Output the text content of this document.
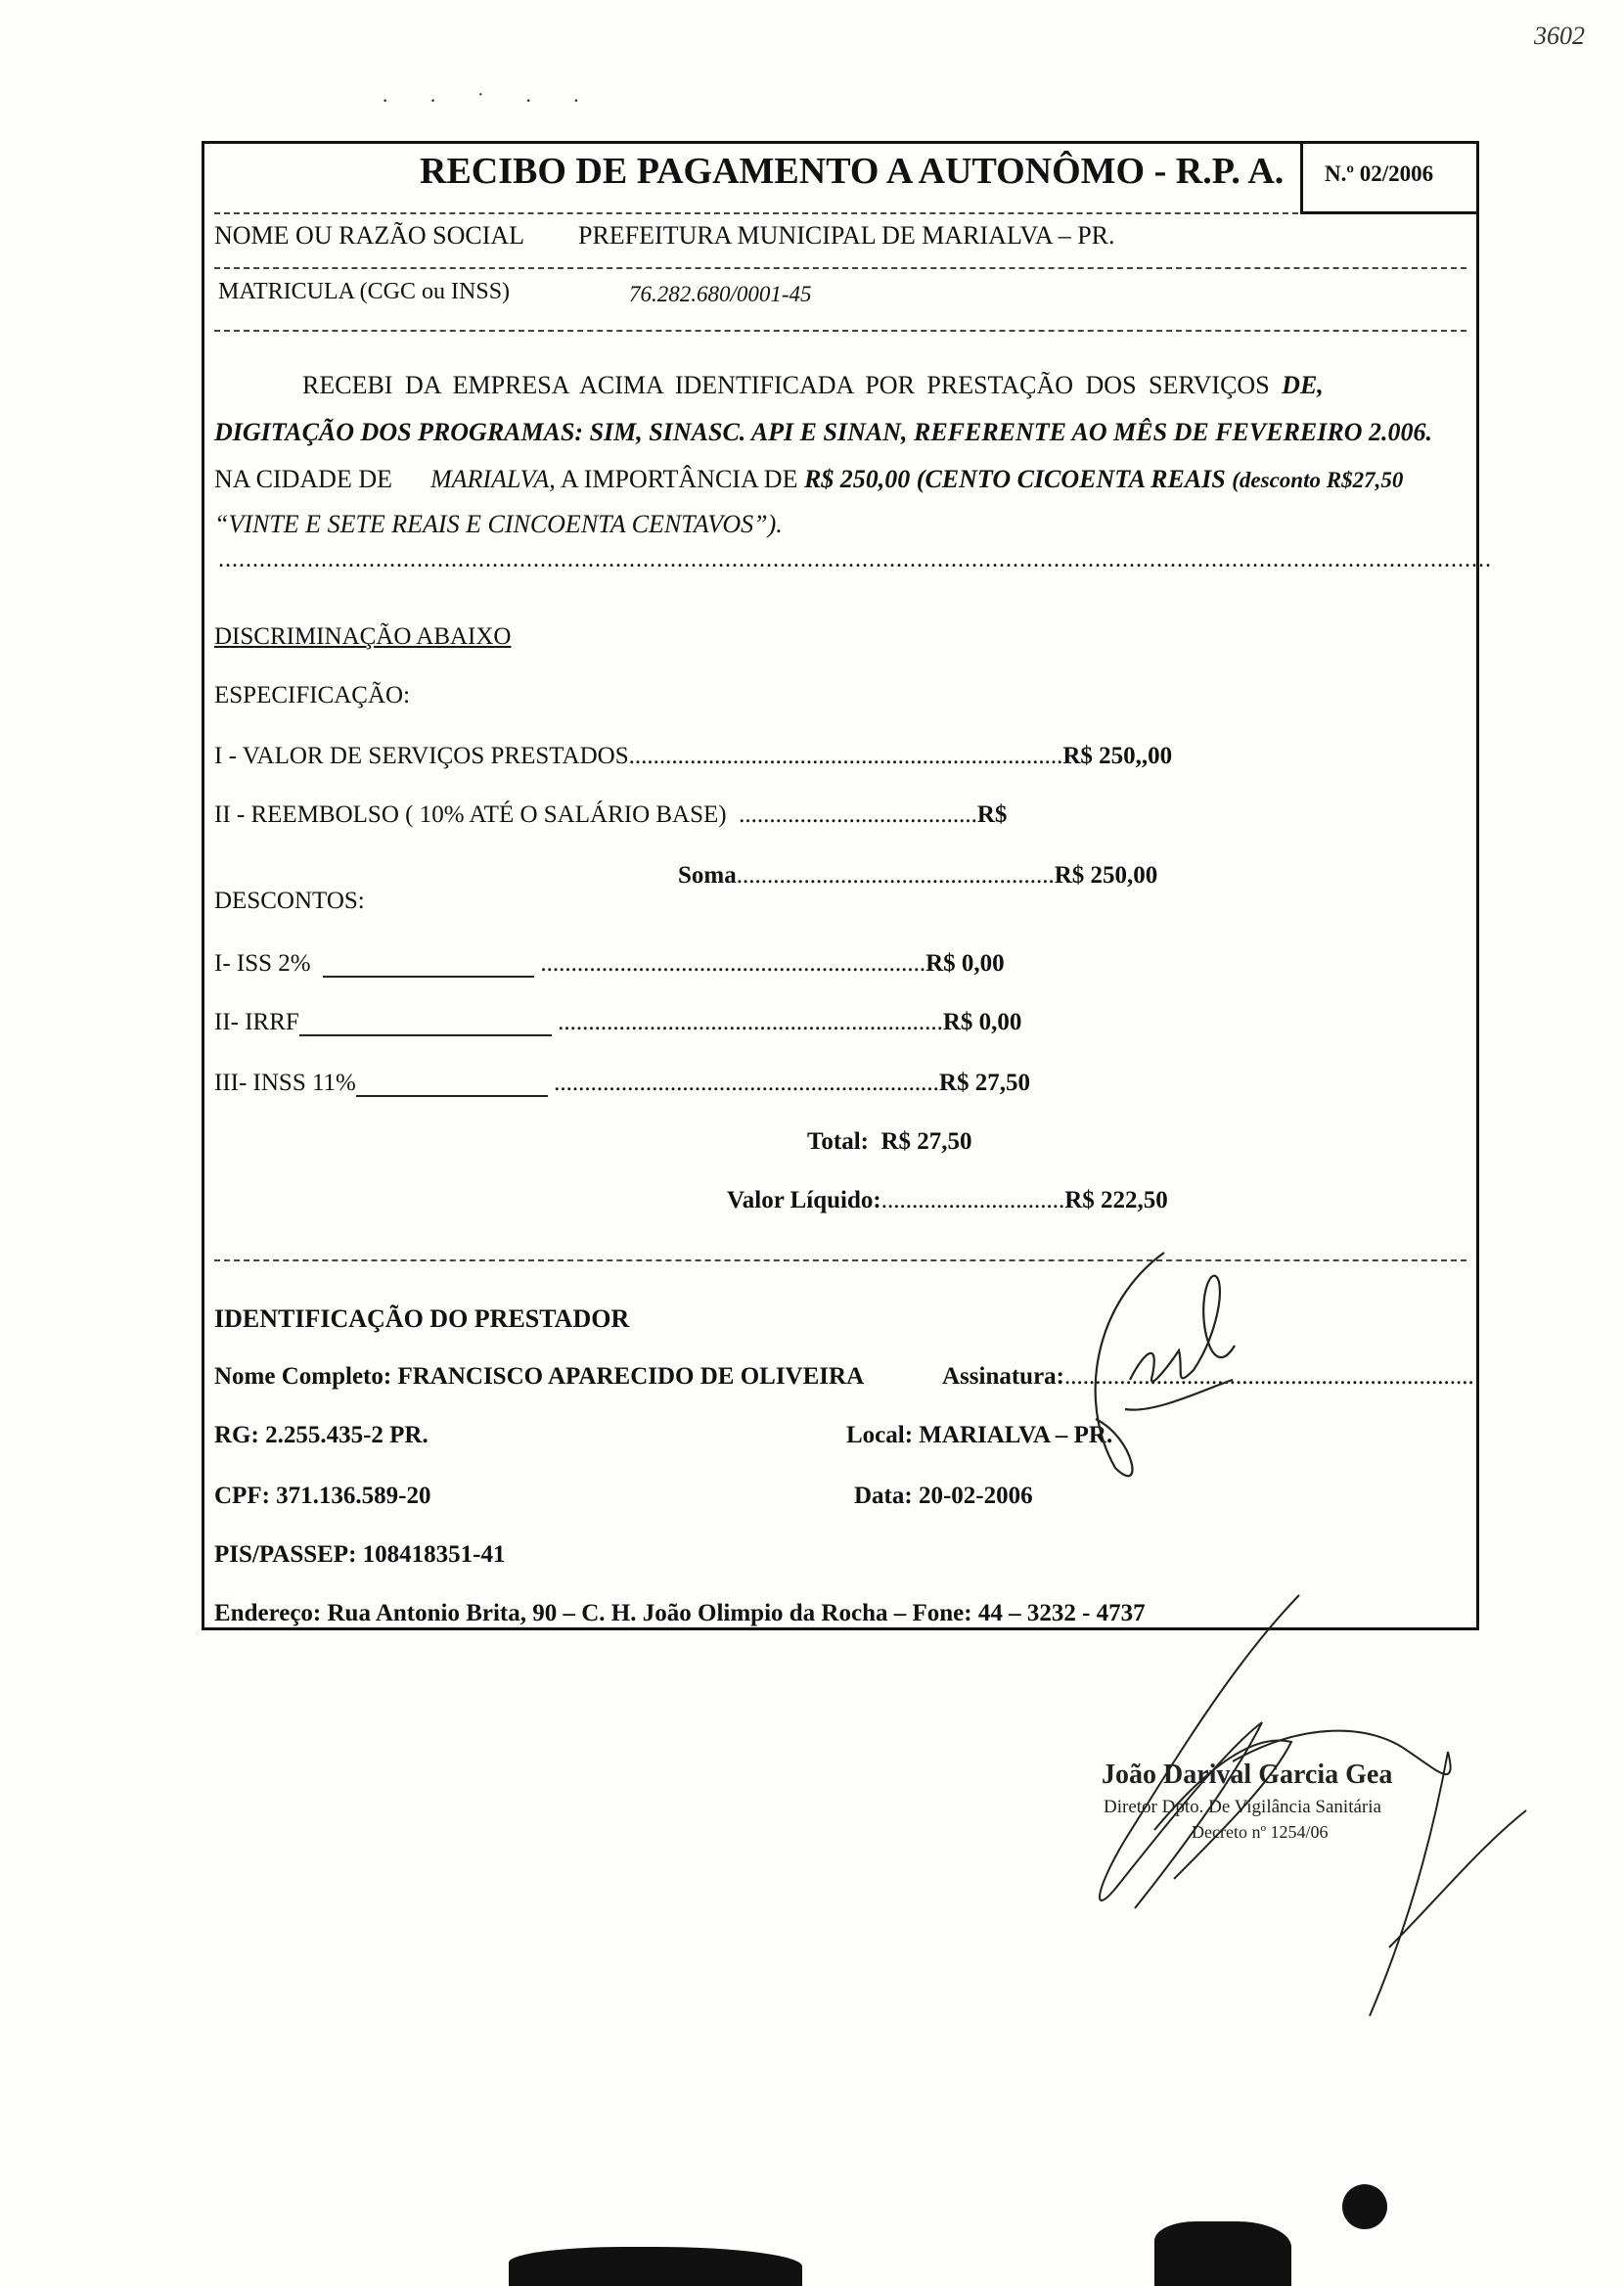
3602
· · ˙ · ·
RECIBO DE PAGAMENTO A AUTONÔMO - R.P. A. N.º 02/2006
NOME OU RAZÃO SOCIAL PREFEITURA MUNICIPAL DE MARIALVA – PR.
MATRICULA (CGC ou INSS)	76.282.680/0001-45
RECEBI DA EMPRESA ACIMA IDENTIFICADA POR PRESTAÇÃO DOS SERVIÇOS DE,
DIGITAÇÃO DOS PROGRAMAS: SIM, SINASC. API E SINAN, REFERENTE AO MÊS DE FEVEREIRO 2.006.
NA CIDADE DE MARIALVA, A IMPORTÂNCIA DE R$ 250,00 (CENTO CICOENTA REAIS (desconto R$27,50
“VINTE E SETE REAIS E CINCOENTA CENTAVOS”).
..........................................................................................................................................................................................
DISCRIMINAÇÃO ABAIXO
ESPECIFICAÇÃO:
I - VALOR DE SERVIÇOS PRESTADOS.......................................................................R$ 250,,00
II - REEMBOLSO ( 10% ATÉ O SALÁRIO BASE) .......................................R$
Soma....................................................R$ 250,00
DESCONTOS:
I- ISS 2%	...............................................................R$ 0,00
II- IRRF	...............................................................R$ 0,00
III- INSS 11%	...............................................................R$ 27,50
Total: R$ 27,50
Valor Líquido:..............................R$ 222,50
IDENTIFICAÇÃO DO PRESTADOR
Nome Completo: FRANCISCO APARECIDO DE OLIVEIRA	Assinatura:...................................................................
RG: 2.255.435-2 PR.	Local: MARIALVA – PR.
CPF: 371.136.589-20	Data: 20-02-2006
PIS/PASSEP: 108418351-41
Endereço: Rua Antonio Brita, 90 – C. H. João Olimpio da Rocha – Fone: 44 – 3232 - 4737
João Darival Garcia Gea
Diretor Dpto. De Vigilância Sanitária
Decreto nº 1254/06
